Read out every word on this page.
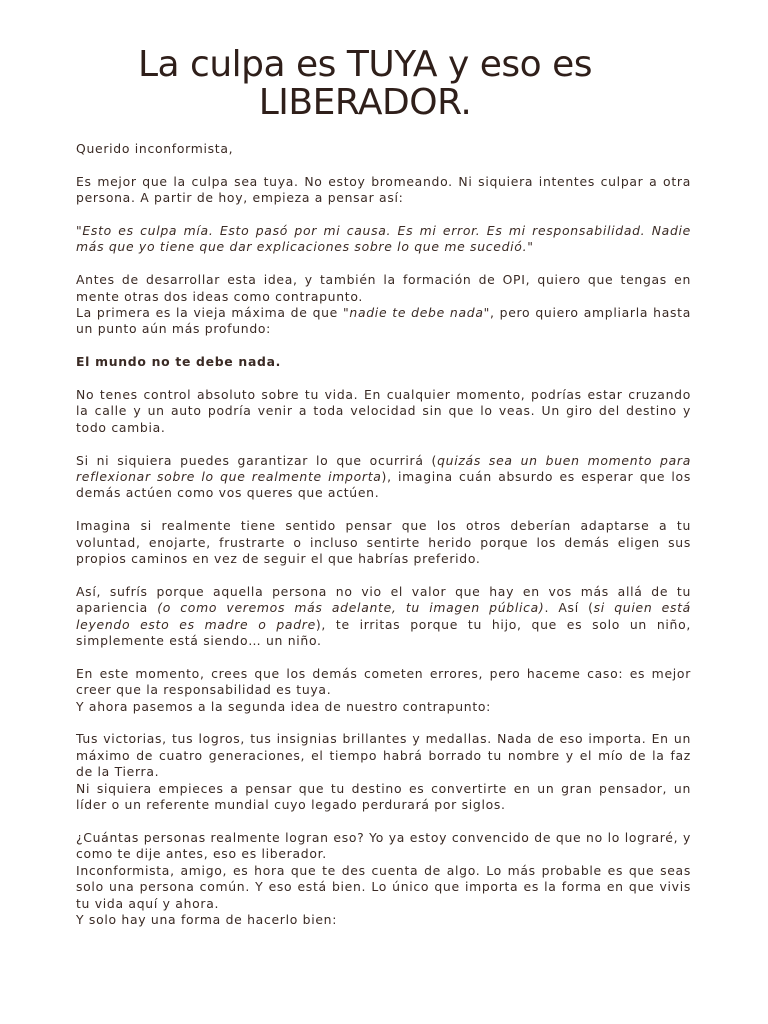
La culpa es TUYA y eso es LIBERADOR.

Querido inconformista,

Es mejor que la culpa sea tuya. No estoy bromeando. Ni siquiera intentes culpar a otra persona. A partir de hoy, empieza a pensar así:

"Esto es culpa mía. Esto pasó por mi causa. Es mi error. Es mi responsabilidad. Nadie más que yo tiene que dar explicaciones sobre lo que me sucedió."

Antes de desarrollar esta idea, y también la formación de OPI, quiero que tengas en mente otras dos ideas como contrapunto.

La primera es la vieja máxima de que "nadie te debe nada", pero quiero ampliarla hasta un punto aún más profundo:

El mundo no te debe nada.

No tenes control absoluto sobre tu vida. En cualquier momento, podrías estar cruzando la calle y un auto podría venir a toda velocidad sin que lo veas. Un giro del destino y todo cambia.

Si ni siquiera puedes garantizar lo que ocurrirá (quizás sea un buen momento para reflexionar sobre lo que realmente importa), imagina cuán absurdo es esperar que los demás actúen como vos queres que actúen.

Imagina si realmente tiene sentido pensar que los otros deberían adaptarse a tu voluntad, enojarte, frustrarte o incluso sentirte herido porque los demás eligen sus propios caminos en vez de seguir el que habrías preferido.

Así, sufrís porque aquella persona no vio el valor que hay en vos más allá de tu apariencia (o como veremos más adelante, tu imagen pública). Así (si quien está leyendo esto es madre o padre), te irritas porque tu hijo, que es solo un niño, simplemente está siendo… un niño.

En este momento, crees que los demás cometen errores, pero haceme caso: es mejor creer que la responsabilidad es tuya.

Y ahora pasemos a la segunda idea de nuestro contrapunto:

Tus victorias, tus logros, tus insignias brillantes y medallas. Nada de eso importa. En un máximo de cuatro generaciones, el tiempo habrá borrado tu nombre y el mío de la faz de la Tierra.

Ni siquiera empieces a pensar que tu destino es convertirte en un gran pensador, un líder o un referente mundial cuyo legado perdurará por siglos.

¿Cuántas personas realmente logran eso? Yo ya estoy convencido de que no lo lograré, y como te dije antes, eso es liberador.

Inconformista, amigo, es hora que te des cuenta de algo. Lo más probable es que seas solo una persona común. Y eso está bien. Lo único que importa es la forma en que vivis tu vida aquí y ahora.

Y solo hay una forma de hacerlo bien:
